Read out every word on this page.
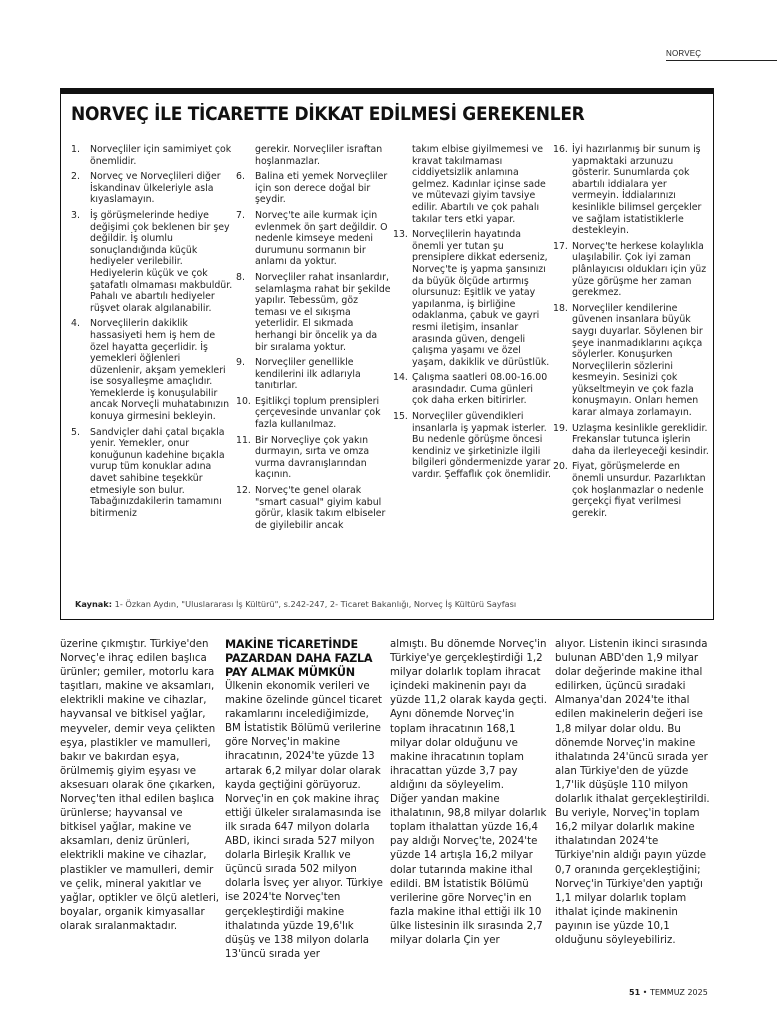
NORVEÇ
NORVEÇ İLE TİCARETTE DİKKAT EDİLMESİ GEREKENLER
1.	Norveçliler için samimiyet çok önemlidir.
2.	Norveç ve Norveçlileri diğer İskandinav ülkeleriyle asla kıyaslamayın.
3.	İş görüşmelerinde hediye değişimi çok beklenen bir şey değildir. İş olumlu sonuçlandığında küçük hediyeler verilebilir. Hediyelerin küçük ve çok şatafatlı olmaması makbuldür. Pahalı ve abartılı hediyeler rüşvet olarak algılanabilir.
4.	Norveçlilerin dakiklik hassasiyeti hem iş hem de özel hayatta geçerlidir. İş yemekleri öğlenleri düzenlenir, akşam yemekleri ise sosyalleşme amaçlıdır. Yemeklerde iş konuşulabilir ancak Norveçli muhatabınızın konuya girmesini bekleyin.
5.	Sandviçler dahi çatal bıçakla yenir. Yemekler, onur konuğunun kadehine bıçakla vurup tüm konuklar adına davet sahibine teşekkür etmesiyle son bulur. Tabağınızdakilerin tamamını bitirmeniz
gerekir. Norveçliler israftan hoşlanmazlar.
6.	Balina eti yemek Norveçliler için son derece doğal bir şeydir.
7.	Norveç'te aile kurmak için evlenmek ön şart değildir. O nedenle kimseye medeni durumunu sormanın bir anlamı da yoktur.
8.	Norveçliler rahat insanlardır, selamlaşma rahat bir şekilde yapılır. Tebessüm, göz teması ve el sıkışma yeterlidir. El sıkmada herhangi bir öncelik ya da bir sıralama yoktur.
9.	Norveçliler genellikle kendilerini ilk adlarıyla tanıtırlar.
10. Eşitlikçi toplum prensipleri çerçevesinde unvanlar çok fazla kullanılmaz.
11. Bir Norveçliye çok yakın durmayın, sırta ve omza vurma davranışlarından kaçının.
12. Norveç'te genel olarak "smart casual" giyim kabul görür, klasik takım elbiseler de giyilebilir ancak
takım elbise giyilmemesi ve kravat takılmaması ciddiyetsizlik anlamına gelmez. Kadınlar içinse sade ve mütevazi giyim tavsiye edilir. Abartılı ve çok pahalı takılar ters etki yapar.
13. Norveçlilerin hayatında önemli yer tutan şu prensiplere dikkat ederseniz, Norveç'te iş yapma şansınızı da büyük ölçüde artırmış olursunuz: Eşitlik ve yatay yapılanma, iş birliğine odaklanma, çabuk ve gayri resmi iletişim, insanlar arasında güven, dengeli çalışma yaşamı ve özel yaşam, dakiklik ve dürüstlük.
14. Çalışma saatleri 08.00-16.00 arasındadır. Cuma günleri çok daha erken bitirirler.
15. Norveçliler güvendikleri insanlarla iş yapmak isterler. Bu nedenle görüşme öncesi kendiniz ve şirketinizle ilgili bilgileri göndermenizde yarar vardır. Şeffaflık çok önemlidir.
16. İyi hazırlanmış bir sunum iş yapmaktaki arzunuzu gösterir. Sunumlarda çok abartılı iddialara yer vermeyin. İddialarınızı kesinlikle bilimsel gerçekler ve sağlam istatistiklerle destekleyin.
17. Norveç'te herkese kolaylıkla ulaşılabilir. Çok iyi zaman plânlayıcısı oldukları için yüz yüze görüşme her zaman gerekmez.
18. Norveçliler kendilerine güvenen insanlara büyük saygı duyarlar. Söylenen bir şeye inanmadıklarını açıkça söylerler. Konuşurken Norveçlilerin sözlerini kesmeyin. Sesinizi çok yükseltmeyin ve çok fazla konuşmayın. Onları hemen karar almaya zorlamayın.
19. Uzlaşma kesinlikle gereklidir. Frekanslar tutunca işlerin daha da ilerleyeceği kesindir.
20. Fiyat, görüşmelerde en önemli unsurdur. Pazarlıktan çok hoşlanmazlar o nedenle gerçekçi fiyat verilmesi gerekir.
Kaynak: 1- Özkan Aydın, "Uluslararası İş Kültürü", s.242-247, 2- Ticaret Bakanlığı, Norveç İş Kültürü Sayfası

üzerine çıkmıştır. Türkiye'den Norveç'e ihraç edilen başlıca ürünler; gemiler, motorlu kara taşıtları, makine ve aksamları, elektrikli makine ve cihazlar, hayvansal ve bitkisel yağlar, meyveler, demir veya çelikten eşya, plastikler ve mamulleri, bakır ve bakırdan eşya, örülmemiş giyim eşyası ve aksesuarı olarak öne çıkarken, Norveç'ten ithal edilen başlıca ürünlerse; hayvansal ve bitkisel yağlar, makine ve aksamları, deniz ürünleri, elektrikli makine ve cihazlar, plastikler ve mamulleri, demir ve çelik, mineral yakıtlar ve yağlar, optikler ve ölçü aletleri, boyalar, organik kimyasallar olarak sıralanmaktadır.

MAKİNE TİCARETİNDE PAZARDAN DAHA FAZLA PAY ALMAK MÜMKÜN

Ülkenin ekonomik verileri ve makine özelinde güncel ticaret rakamlarını incelediğimizde, BM İstatistik Bölümü verilerine göre Norveç'in makine ihracatının, 2024'te yüzde 13 artarak 6,2 milyar dolar olarak kayda geçtiğini görüyoruz. Norveç'in en çok makine ihraç ettiği ülkeler sıralamasında ise ilk sırada 647 milyon dolarla ABD, ikinci sırada 527 milyon dolarla Birleşik Krallık ve üçüncü sırada 502 milyon dolarla İsveç yer alıyor. Türkiye ise 2024'te Norveç'ten gerçekleştirdiği makine ithalatında yüzde 19,6'lık düşüş ve 138 milyon dolarla 13'üncü sırada yer

almıştı. Bu dönemde Norveç'in Türkiye'ye gerçekleştirdiği 1,2 milyar dolarlık toplam ihracat içindeki makinenin payı da yüzde 11,2 olarak kayda geçti. Aynı dönemde Norveç'in toplam ihracatının 168,1 milyar dolar olduğunu ve makine ihracatının toplam ihracattan yüzde 3,7 pay aldığını da söyleyelim.

Diğer yandan makine ithalatının, 98,8 milyar dolarlık toplam ithalattan yüzde 16,4 pay aldığı Norveç'te, 2024'te yüzde 14 artışla 16,2 milyar dolar tutarında makine ithal edildi. BM İstatistik Bölümü verilerine göre Norveç'in en fazla makine ithal ettiği ilk 10 ülke listesinin ilk sırasında 2,7 milyar dolarla Çin yer

alıyor. Listenin ikinci sırasında bulunan ABD'den 1,9 milyar dolar değerinde makine ithal edilirken, üçüncü sıradaki Almanya'dan 2024'te ithal edilen makinelerin değeri ise 1,8 milyar dolar oldu. Bu dönemde Norveç'in makine ithalatında 24'üncü sırada yer alan Türkiye'den de yüzde 1,7'lik düşüşle 110 milyon dolarlık ithalat gerçekleştirildi. Bu veriyle, Norveç'in toplam 16,2 milyar dolarlık makine ithalatından 2024'te Türkiye'nin aldığı payın yüzde 0,7 oranında gerçekleştiğini; Norveç'in Türkiye'den yaptığı 1,1 milyar dolarlık toplam ithalat içinde makinenin payının ise yüzde 10,1 olduğunu söyleyebiliriz.

51 • TEMMUZ 2025
